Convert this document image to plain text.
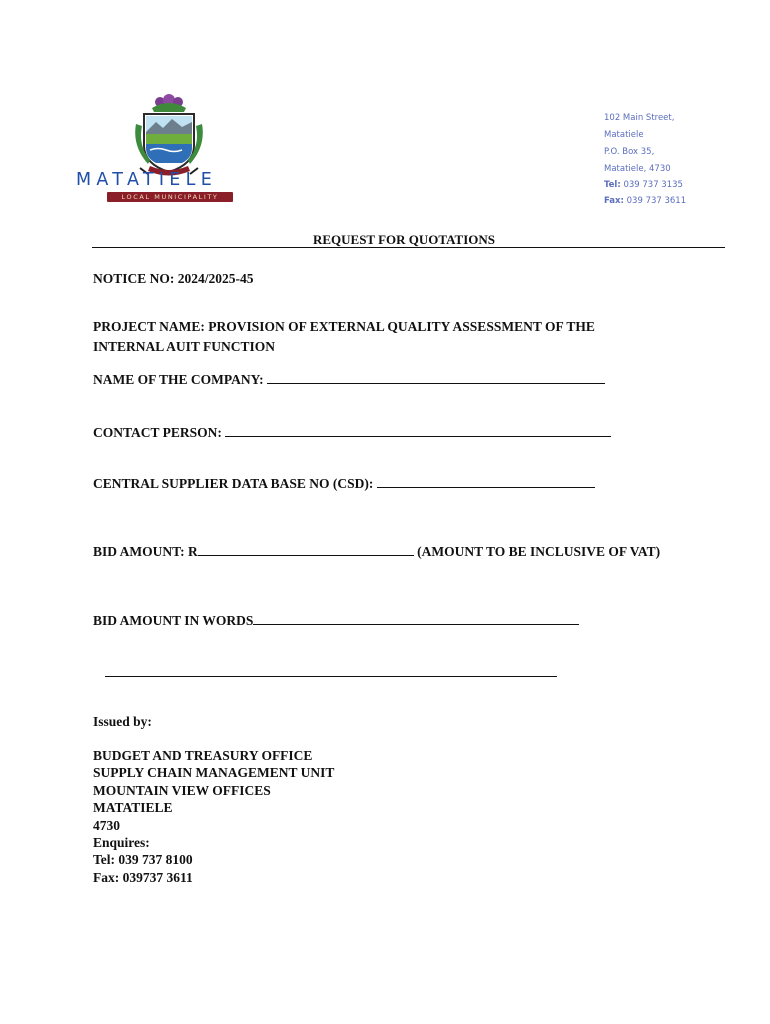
MATATIELE
LOCAL MUNICIPALITY
102 Main Street,
Matatiele
P.O. Box 35,
Matatiele, 4730
Tel: 039 737 3135
Fax: 039 737 3611
REQUEST FOR QUOTATIONS
NOTICE NO: 2024/2025-45
PROJECT NAME: PROVISION OF EXTERNAL QUALITY ASSESSMENT OF THE
INTERNAL AUIT FUNCTION
NAME OF THE COMPANY:
CONTACT PERSON:
CENTRAL SUPPLIER DATA BASE NO (CSD):
BID AMOUNT: R	(AMOUNT TO BE INCLUSIVE OF VAT)
BID AMOUNT IN WORDS
Issued by:
BUDGET AND TREASURY OFFICE
SUPPLY CHAIN MANAGEMENT UNIT
MOUNTAIN VIEW OFFICES
MATATIELE
4730
Enquires:
Tel: 039 737 8100
Fax: 039737 3611
